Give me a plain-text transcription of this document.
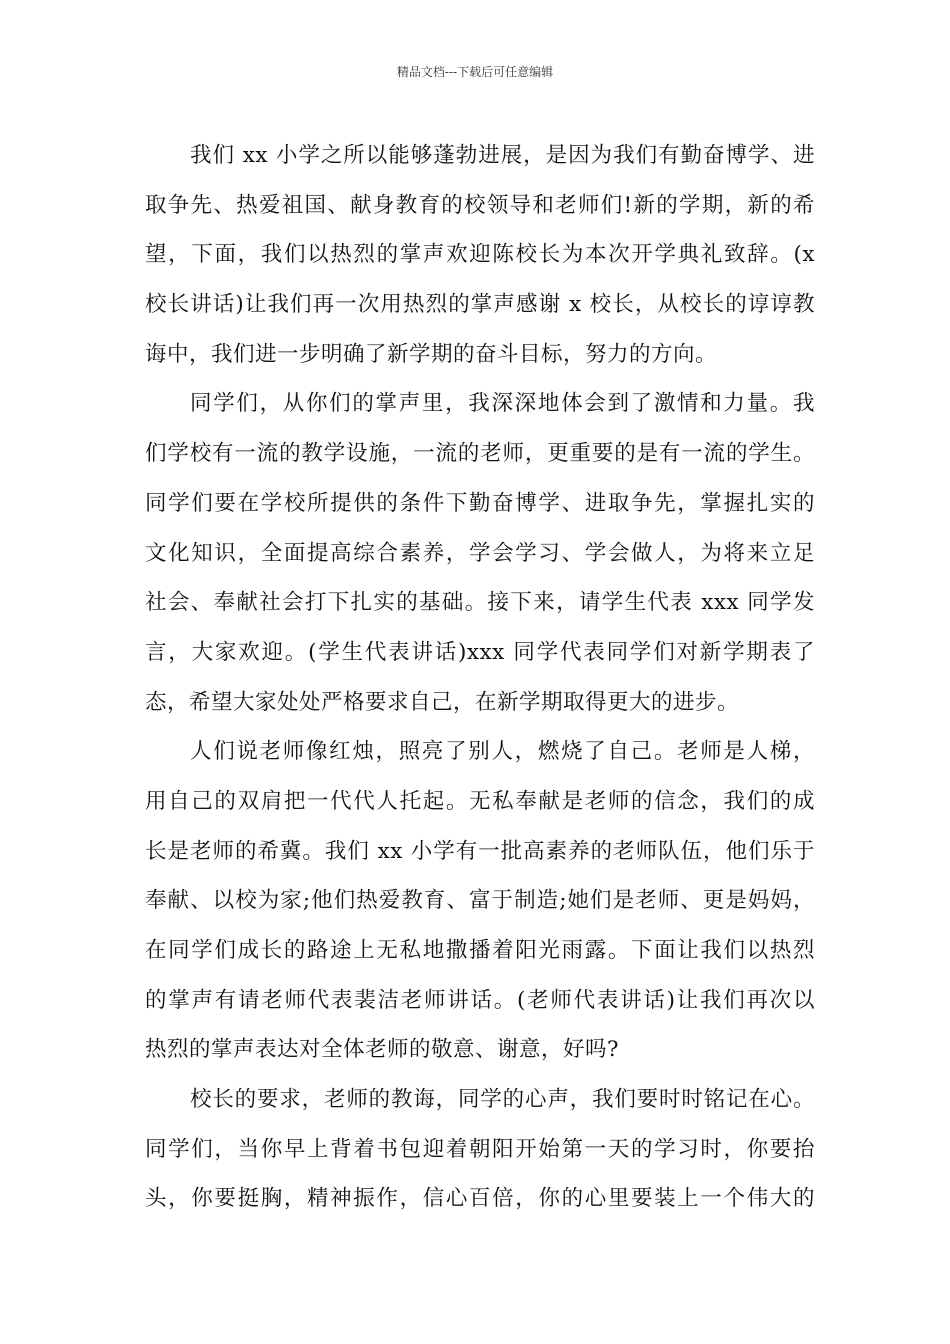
精品文档---下载后可任意编辑
我们 xx 小学之所以能够蓬勃进展，是因为我们有勤奋博学、进
取争先、热爱祖国、献身教育的校领导和老师们!新的学期，新的希
望，下面，我们以热烈的掌声欢迎陈校长为本次开学典礼致辞。(x
校长讲话)让我们再一次用热烈的掌声感谢 x 校长，从校长的谆谆教
诲中，我们进一步明确了新学期的奋斗目标，努力的方向。
同学们，从你们的掌声里，我深深地体会到了激情和力量。我
们学校有一流的教学设施，一流的老师，更重要的是有一流的学生。
同学们要在学校所提供的条件下勤奋博学、进取争先，掌握扎实的
文化知识，全面提高综合素养，学会学习、学会做人，为将来立足
社会、奉献社会打下扎实的基础。接下来，请学生代表 xxx 同学发
言，大家欢迎。(学生代表讲话)xxx 同学代表同学们对新学期表了
态，希望大家处处严格要求自己，在新学期取得更大的进步。
人们说老师像红烛，照亮了别人，燃烧了自己。老师是人梯，
用自己的双肩把一代代人托起。无私奉献是老师的信念，我们的成
长是老师的希冀。我们 xx 小学有一批高素养的老师队伍，他们乐于
奉献、以校为家;他们热爱教育、富于制造;她们是老师、更是妈妈，
在同学们成长的路途上无私地撒播着阳光雨露。下面让我们以热烈
的掌声有请老师代表裴洁老师讲话。(老师代表讲话)让我们再次以
热烈的掌声表达对全体老师的敬意、谢意，好吗?
校长的要求，老师的教诲，同学的心声，我们要时时铭记在心。
同学们，当你早上背着书包迎着朝阳开始第一天的学习时，你要抬
头，你要挺胸，精神振作，信心百倍，你的心里要装上一个伟大的
